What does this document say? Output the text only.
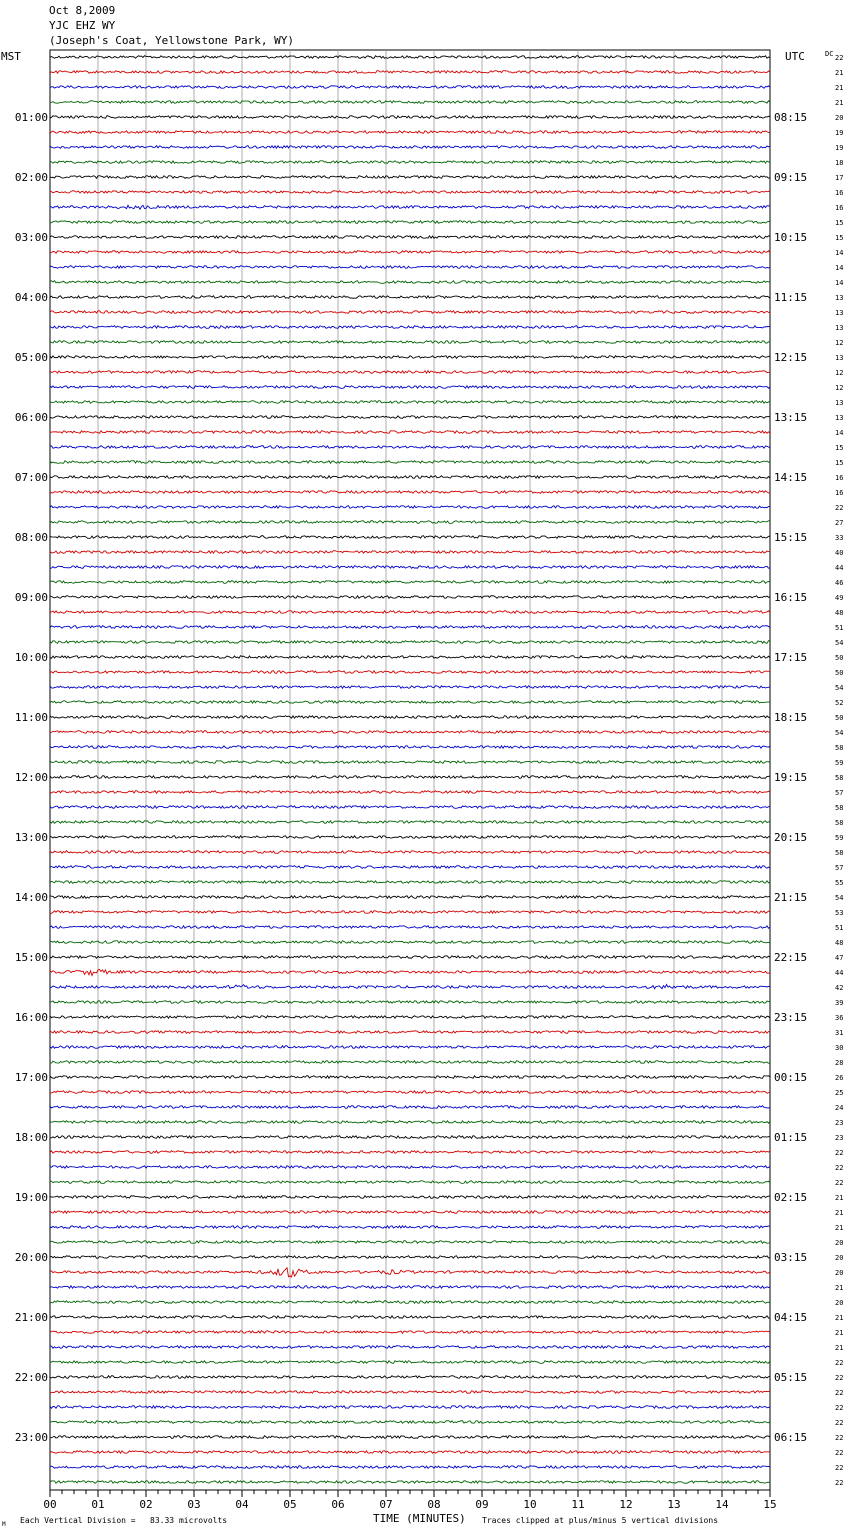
Oct 8,2009
YJC EHZ WY
(Joseph's Coat, Yellowstone Park, WY)
MST	UTC	DC
00	01	02	03	04	05	06	07	08	09	10	11	12	13	14	15
22
21
21
21
20
19
19
18
17
16
16
15
15
14
14
14
13
13
13
12
13
12
12
13
13
14
15
15
16
16
22
27
33
40
44
46
49
48
51
54
50
50
54
52
50
54
58
59
58
57
58
58
59
58
57
55
54
53
51
48
47
44
42
39
36
31
30
28
26
25
24
23
23
22
22
22
21
21
21
20
20
20
21
20
21
21
21
22
22
22
22
22
22
22
22
22
01:00
02:00
03:00
04:00
05:00
06:00
07:00
08:00
09:00
10:00
11:00
12:00
13:00
14:00
15:00
16:00
17:00
18:00
19:00
20:00
21:00
22:00
23:00
08:15
09:15
10:15
11:15
12:15
13:15
14:15
15:15
16:15
17:15
18:15
19:15
20:15
21:15
22:15
23:15
00:15
01:15
02:15
03:15
04:15
05:15
06:15
TIME (MINUTES)
Each Vertical Division =   83.33 microvolts	Traces clipped at plus/minus 5 vertical divisions
M
